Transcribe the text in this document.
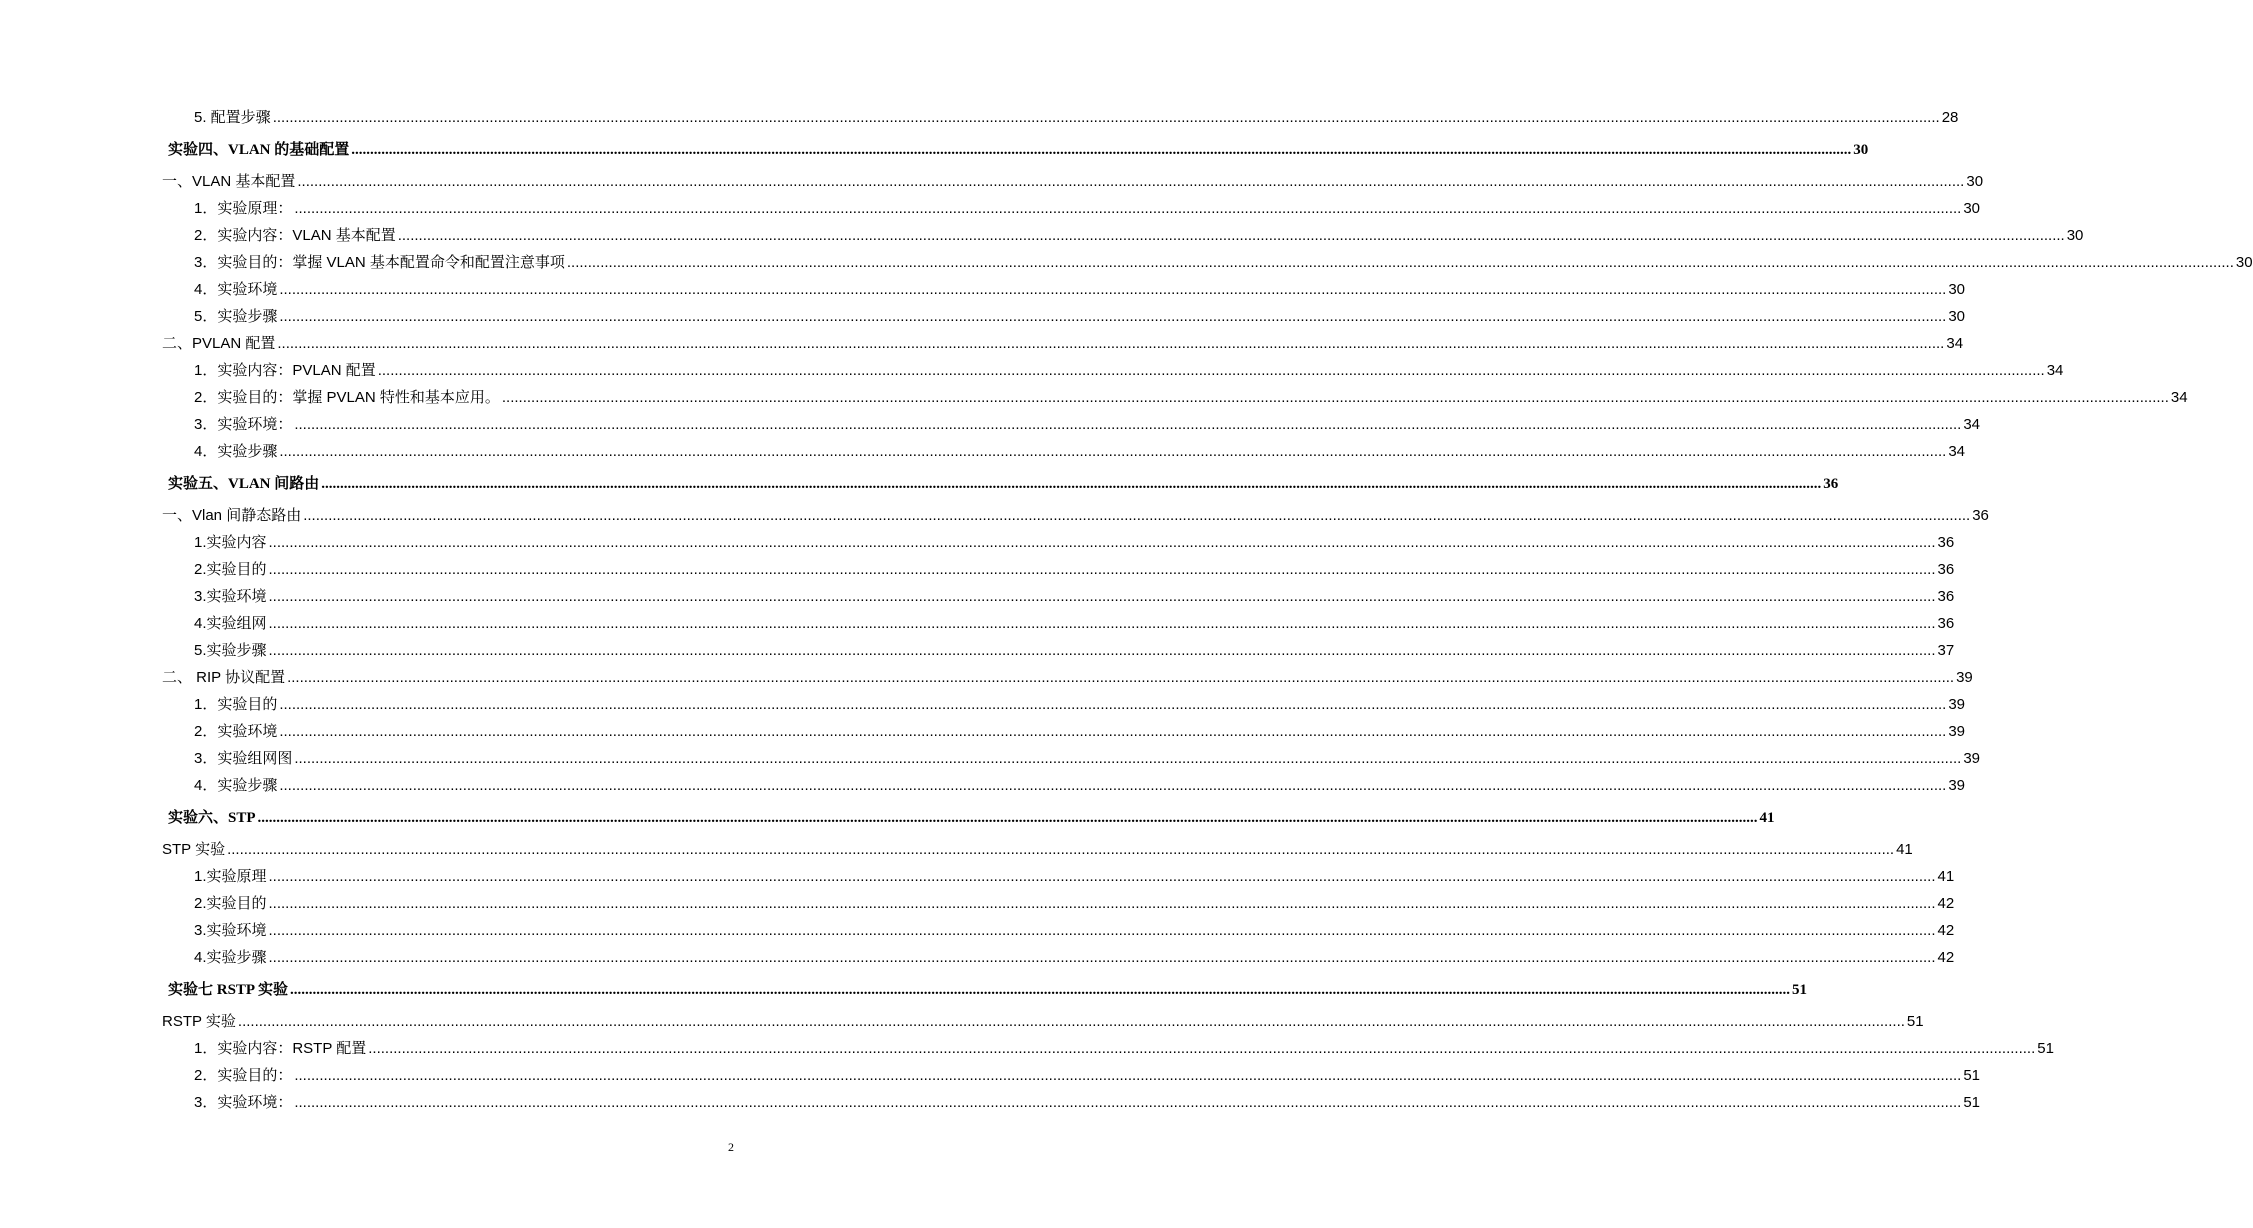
5. 配置步骤 ................................................................................................................................................................................................................................................................................................................................................................................................................ 28
实验四、VLAN 的基础配置 ................................................................................................................................................................................................................................................................................................................................................................................................................ 30
一、VLAN 基本配置 ................................................................................................................................................................................................................................................................................................................................................................................................................ 30
1．实验原理： ................................................................................................................................................................................................................................................................................................................................................................................................................ 30
2．实验内容：VLAN 基本配置 ................................................................................................................................................................................................................................................................................................................................................................................................................ 30
3．实验目的：掌握 VLAN 基本配置命令和配置注意事项 ................................................................................................................................................................................................................................................................................................................................................................................................................ 30
4．实验环境 ................................................................................................................................................................................................................................................................................................................................................................................................................ 30
5．实验步骤 ................................................................................................................................................................................................................................................................................................................................................................................................................ 30
二、PVLAN 配置 ................................................................................................................................................................................................................................................................................................................................................................................................................ 34
1．实验内容：PVLAN 配置 ................................................................................................................................................................................................................................................................................................................................................................................................................ 34
2．实验目的：掌握 PVLAN 特性和基本应用。 ................................................................................................................................................................................................................................................................................................................................................................................................................ 34
3．实验环境： ................................................................................................................................................................................................................................................................................................................................................................................................................ 34
4．实验步骤 ................................................................................................................................................................................................................................................................................................................................................................................................................ 34
实验五、VLAN 间路由 ................................................................................................................................................................................................................................................................................................................................................................................................................ 36
一、Vlan 间静态路由 ................................................................................................................................................................................................................................................................................................................................................................................................................ 36
1.实验内容 ................................................................................................................................................................................................................................................................................................................................................................................................................ 36
2.实验目的 ................................................................................................................................................................................................................................................................................................................................................................................................................ 36
3.实验环境 ................................................................................................................................................................................................................................................................................................................................................................................................................ 36
4.实验组网 ................................................................................................................................................................................................................................................................................................................................................................................................................ 36
5.实验步骤 ................................................................................................................................................................................................................................................................................................................................................................................................................ 37
二、 RIP 协议配置 ................................................................................................................................................................................................................................................................................................................................................................................................................ 39
1．实验目的 ................................................................................................................................................................................................................................................................................................................................................................................................................ 39
2．实验环境 ................................................................................................................................................................................................................................................................................................................................................................................................................ 39
3．实验组网图 ................................................................................................................................................................................................................................................................................................................................................................................................................ 39
4．实验步骤 ................................................................................................................................................................................................................................................................................................................................................................................................................ 39
实验六、STP ................................................................................................................................................................................................................................................................................................................................................................................................................ 41
STP 实验 ................................................................................................................................................................................................................................................................................................................................................................................................................ 41
1.实验原理 ................................................................................................................................................................................................................................................................................................................................................................................................................ 41
2.实验目的 ................................................................................................................................................................................................................................................................................................................................................................................................................ 42
3.实验环境 ................................................................................................................................................................................................................................................................................................................................................................................................................ 42
4.实验步骤 ................................................................................................................................................................................................................................................................................................................................................................................................................ 42
实验七 RSTP 实验 ................................................................................................................................................................................................................................................................................................................................................................................................................ 51
RSTP 实验 ................................................................................................................................................................................................................................................................................................................................................................................................................ 51
1．实验内容：RSTP 配置 ................................................................................................................................................................................................................................................................................................................................................................................................................ 51
2．实验目的： ................................................................................................................................................................................................................................................................................................................................................................................................................ 51
3．实验环境： ................................................................................................................................................................................................................................................................................................................................................................................................................ 51
2
